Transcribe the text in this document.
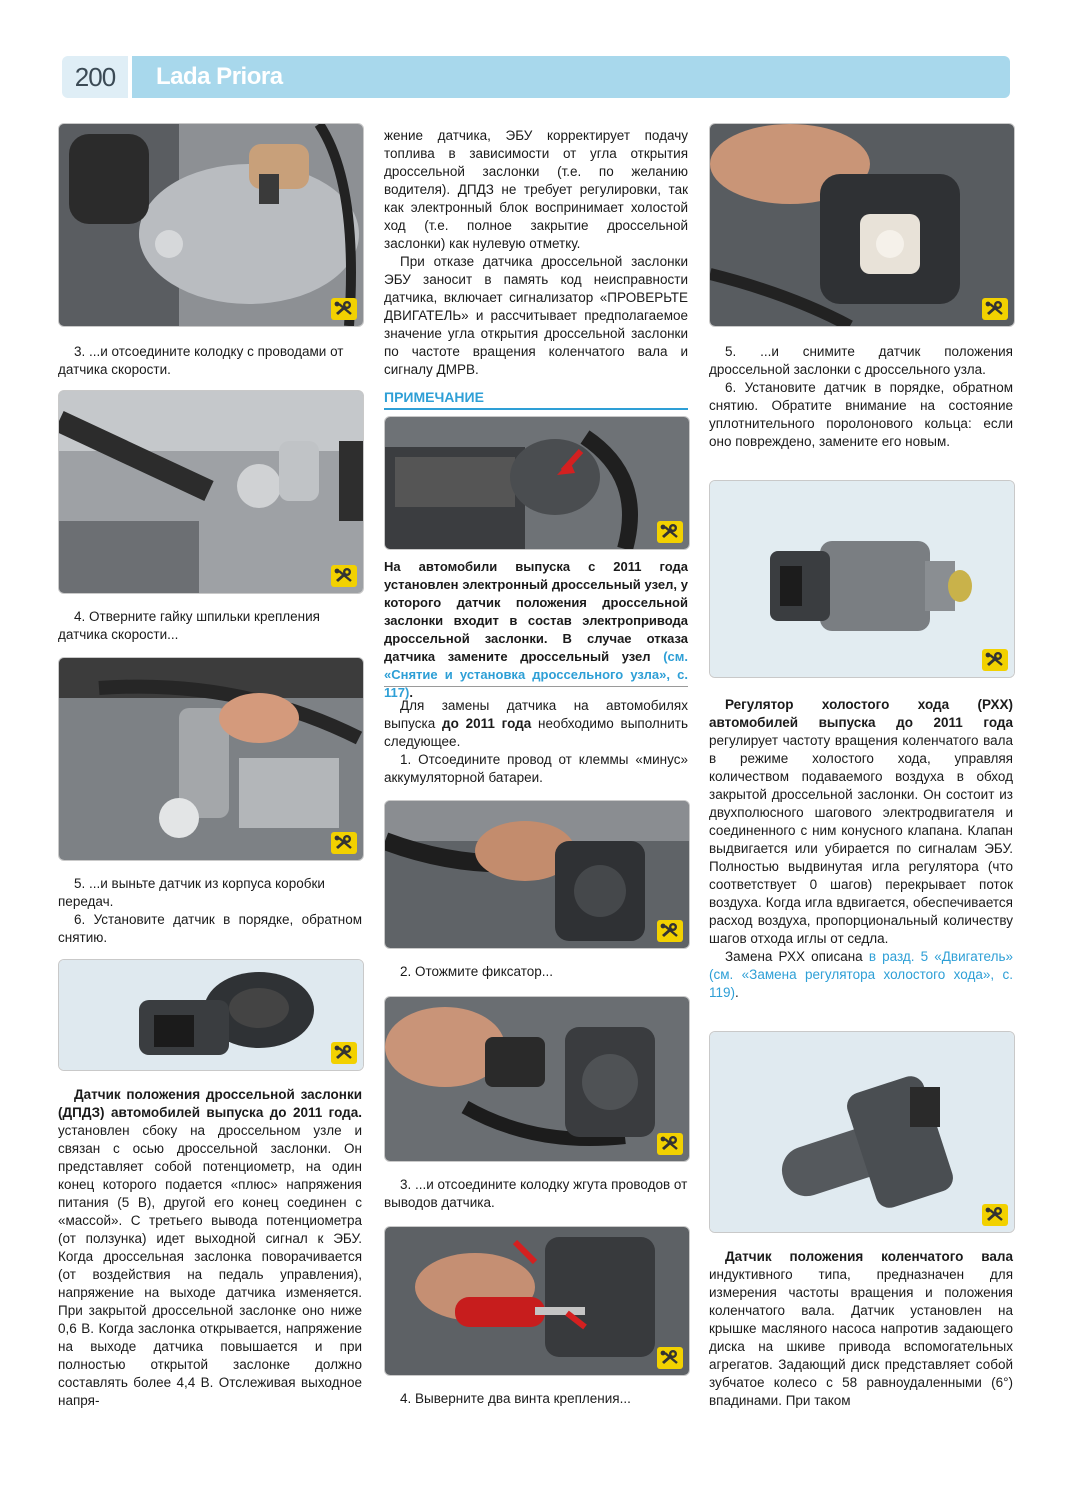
200	Lada Priora
3. ...и отсоедините колодку с проводами от датчика скорости.
4. Отверните гайку шпильки крепления датчика скорости...
5. ...и выньте датчик из корпуса коробки передач.
6. Установите датчик в порядке, обратном снятию.

Датчик положения дроссельной заслонки (ДПДЗ) автомобилей выпуска до 2011 года. установлен сбоку на дроссельном узле и связан с осью дроссельной заслонки. Он представляет собой потенциометр, на один конец которого подается «плюс» напряжения питания (5 В), другой его конец соединен с «массой». С третьего вывода потенциометра (от ползунка) идет выходной сигнал к ЭБУ. Когда дроссельная заслонка поворачивается (от воздействия на педаль управления), напряжение на выходе датчика изменяется. При закрытой дроссельной заслонке оно ниже 0,6 В. Когда заслонка открывается, напряжение на выходе датчика повышается и при полностью открытой заслонке должно составлять более 4,4 В. Отслеживая выходное напря-

жение датчика, ЭБУ корректирует подачу топлива в зависимости от угла открытия дроссельной заслонки (т.е. по желанию водителя). ДПДЗ не требует регулировки, так как электронный блок воспринимает холостой ход (т.е. полное закрытие дроссельной заслонки) как нулевую отметку.

При отказе датчика дроссельной заслонки ЭБУ заносит в память код неисправности датчика, включает сигнализатор «ПРОВЕРЬТЕ ДВИГАТЕЛЬ» и рассчитывает предполагаемое значение угла открытия дроссельной заслонки по частоте вращения коленчатого вала и сигналу ДМРВ.

ПРИМЕЧАНИЕ
На автомобили выпуска с 2011 года установлен электронный дроссельный узел, у которого датчик положения дроссельной заслонки входит в состав электропривода дроссельной заслонки. В случае отказа датчика замените дроссельный узел (см. «Снятие и установка дроссельного узла», с. 117).

Для замены датчика на автомобилях выпуска до 2011 года необходимо выполнить следующее.

1. Отсоедините провод от клеммы «минус» аккумуляторной батареи.

2. Отожмите фиксатор...
3. ...и отсоедините колодку жгута проводов от выводов датчика.
4. Выверните два винта крепления...

5. ...и снимите датчик положения дроссельной заслонки с дроссельного узла.

6. Установите датчик в порядке, обратном снятию. Обратите внимание на состояние уплотнительного поролонового кольца: если оно повреждено, замените его новым.

Регулятор холостого хода (РХХ) автомобилей выпуска до 2011 года регулирует частоту вращения коленчатого вала в режиме холостого хода, управляя количеством подаваемого воздуха в обход закрытой дроссельной заслонки. Он состоит из двухполюсного шагового электродвигателя и соединенного с ним конусного клапана. Клапан выдвигается или убирается по сигналам ЭБУ. Полностью выдвинутая игла регулятора (что соответствует 0 шагов) перекрывает поток воздуха. Когда игла вдвигается, обеспечивается расход воздуха, пропорциональный количеству шагов отхода иглы от седла.

Замена РХХ описана в разд. 5 «Двигатель» (см. «Замена регулятора холостого хода», с. 119).

Датчик положения коленчатого вала индуктивного типа, предназначен для измерения частоты вращения и положения коленчатого вала. Датчик установлен на крышке масляного насоса напротив задающего диска на шкиве привода вспомогательных агрегатов. Задающий диск представляет собой зубчатое колесо с 58 равноудаленными (6°) впадинами. При таком
